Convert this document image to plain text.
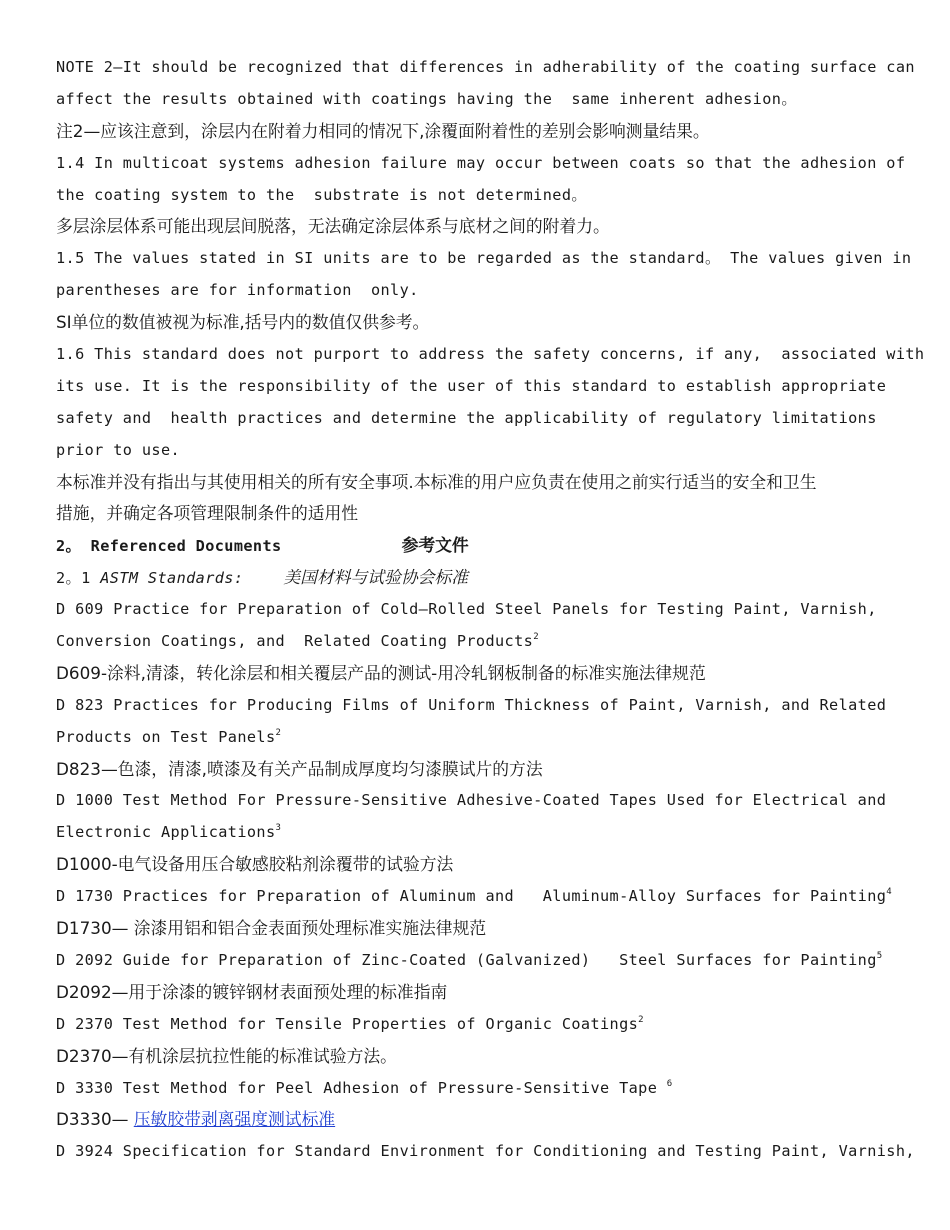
NOTE 2—It should be recognized that differences in adherability of the coating surface can
affect the results obtained with coatings having the  same inherent adhesion。
注2—应该注意到，涂层内在附着力相同的情况下,涂覆面附着性的差别会影响测量结果。
1.4 In multicoat systems adhesion failure may occur between coats so that the adhesion of
the coating system to the  substrate is not determined。
多层涂层体系可能出现层间脱落，无法确定涂层体系与底材之间的附着力。
1.5 The values stated in SI units are to be regarded as the standard。 The values given in
parentheses are for information  only.
SI单位的数值被视为标准,括号内的数值仅供参考。
1.6 This standard does not purport to address the safety concerns, if any,  associated with
its use. It is the responsibility of the user of this standard to establish appropriate
safety and  health practices and determine the applicability of regulatory limitations
prior to use.
本标准并没有指出与其使用相关的所有安全事项.本标准的用户应负责在使用之前实行适当的安全和卫生
措施，并确定各项管理限制条件的适用性
2。 Referenced Documents	参考文件
2。1 ASTM Standards: 美国材料与试验协会标准
D 609 Practice for Preparation of Cold—Rolled Steel Panels for Testing Paint, Varnish,
Conversion Coatings, and  Related Coating Products$^2$
D609-涂料,清漆，转化涂层和相关覆层产品的测试-用冷轧钢板制备的标准实施法律规范
D 823 Practices for Producing Films of Uniform Thickness of Paint, Varnish, and Related
Products on Test Panels$^2$
D823—色漆，清漆,喷漆及有关产品制成厚度均匀漆膜试片的方法
D 1000 Test Method For Pressure-Sensitive Adhesive-Coated Tapes Used for Electrical and
Electronic Applications$^3$
D1000-电气设备用压合敏感胶粘剂涂覆带的试验方法
D 1730 Practices for Preparation of Aluminum and   Aluminum-Alloy Surfaces for Painting$^4$
D1730— 涂漆用铝和铝合金表面预处理标准实施法律规范
D 2092 Guide for Preparation of Zinc-Coated (Galvanized)   Steel Surfaces for Painting$^5$
D2092—用于涂漆的镀锌钢材表面预处理的标准指南
D 2370 Test Method for Tensile Properties of Organic Coatings$^2$
D2370—有机涂层抗拉性能的标准试验方法。
D 3330 Test Method for Peel Adhesion of Pressure-Sensitive Tape $^6$
D3330— 压敏胶带剥离强度测试标准
D 3924 Specification for Standard Environment for Conditioning and Testing Paint, Varnish,
